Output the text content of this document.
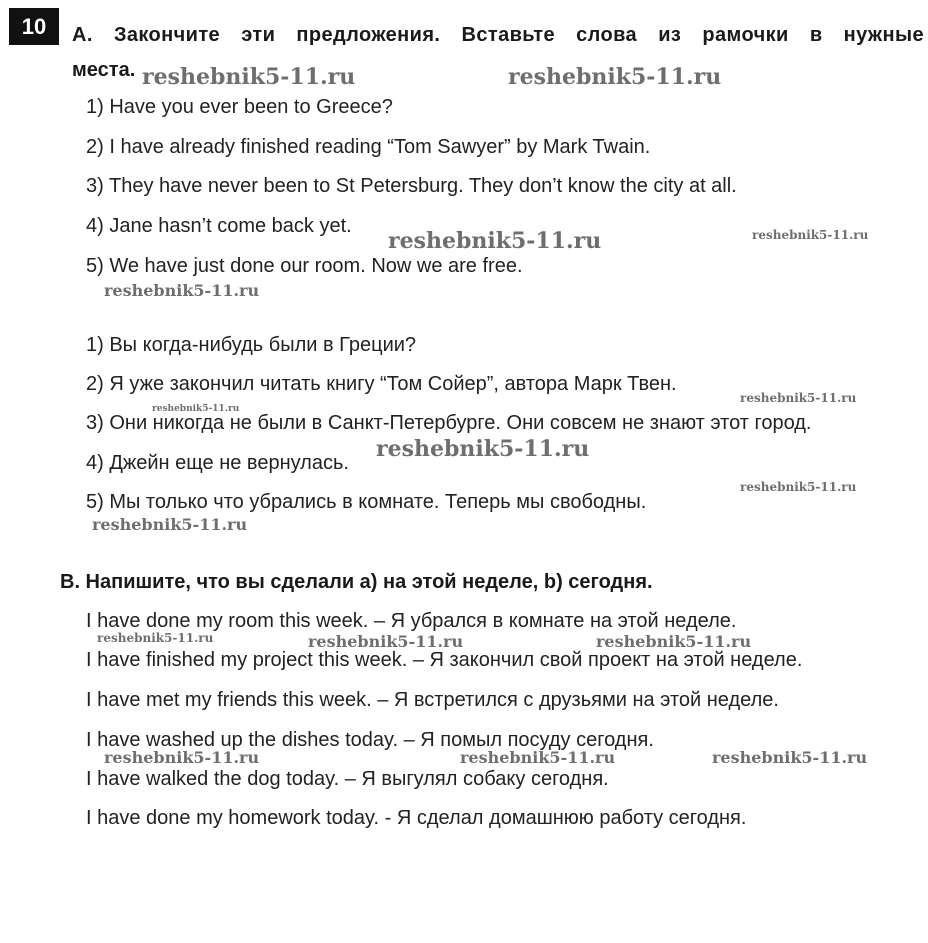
10	A. Закончите эти предложения. Вставьте слова из рамочки в нужные
места.
1) Have you ever been to Greece?
2) I have already finished reading “Tom Sawyer” by Mark Twain.
3) They have never been to St Petersburg. They don’t know the city at all.
4) Jane hasn’t come back yet.
5) We have just done our room. Now we are free.
1) Вы когда-нибудь были в Греции?
2) Я уже закончил читать книгу “Том Сойер”, автора Марк Твен.
3) Они никогда не были в Санкт-Петербурге. Они совсем не знают этот город.
4) Джейн еще не вернулась.
5) Мы только что убрались в комнате. Теперь мы свободны.
B. Напишите, что вы сделали a) на этой неделе, b) сегодня.
I have done my room this week. – Я убрался в комнате на этой неделе.
I have finished my project this week. – Я закончил свой проект на этой неделе.
I have met my friends this week. – Я встретился с друзьями на этой неделе.
I have washed up the dishes today. – Я помыл посуду сегодня.
I have walked the dog today. – Я выгулял собаку сегодня.
I have done my homework today. - Я сделал домашнюю работу сегодня.
reshebnik5-11.ru	reshebnik5-11.ru
reshebnik5-11.ru	reshebnik5-11.ru
reshebnik5-11.ru
reshebnik5-11.ru
reshebnik5-11.ru
reshebnik5-11.ru
reshebnik5-11.ru
reshebnik5-11.ru
reshebnik5-11.ru	reshebnik5-11.ru	reshebnik5-11.ru
reshebnik5-11.ru	reshebnik5-11.ru	reshebnik5-11.ru
